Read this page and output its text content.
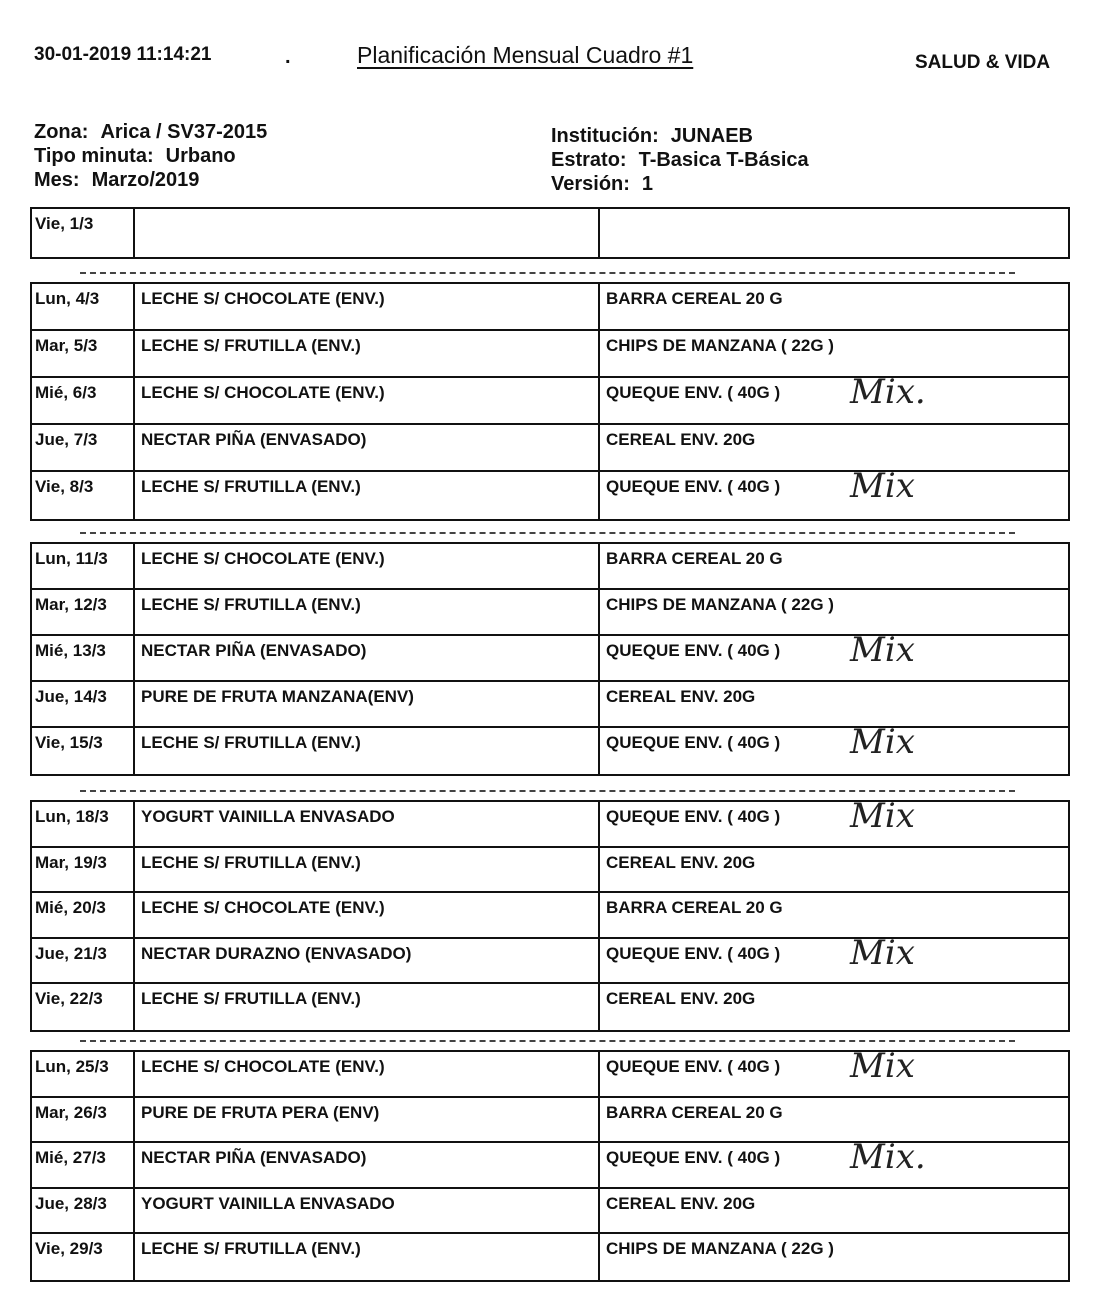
30-01-2019 11:14:21	.	Planificación Mensual Cuadro #1	SALUD & VIDA
Zona: Arica / SV37-2015
Tipo minuta: Urbano
Mes: Marzo/2019
Institución: JUNAEB
Estrato: T-Basica T-Básica
Versión: 1
Vie, 1/3
Lun, 4/3	LECHE S/ CHOCOLATE (ENV.)	BARRA CEREAL 20 G
Mar, 5/3	LECHE S/ FRUTILLA (ENV.)	CHIPS DE MANZANA ( 22G )
Mié, 6/3	LECHE S/ CHOCOLATE (ENV.)	QUEQUE ENV. ( 40G ) Mix.
Jue, 7/3	NECTAR PIÑA (ENVASADO)	CEREAL ENV. 20G
Vie, 8/3	LECHE S/ FRUTILLA (ENV.)	QUEQUE ENV. ( 40G ) Mix
Lun, 11/3	LECHE S/ CHOCOLATE (ENV.)	BARRA CEREAL 20 G
Mar, 12/3	LECHE S/ FRUTILLA (ENV.)	CHIPS DE MANZANA ( 22G )
Mié, 13/3	NECTAR PIÑA (ENVASADO)	QUEQUE ENV. ( 40G ) Mix
Jue, 14/3	PURE DE FRUTA MANZANA(ENV)	CEREAL ENV. 20G
Vie, 15/3	LECHE S/ FRUTILLA (ENV.)	QUEQUE ENV. ( 40G ) Mix
Lun, 18/3	YOGURT VAINILLA ENVASADO	QUEQUE ENV. ( 40G ) Mix
Mar, 19/3	LECHE S/ FRUTILLA (ENV.)	CEREAL ENV. 20G
Mié, 20/3	LECHE S/ CHOCOLATE (ENV.)	BARRA CEREAL 20 G
Jue, 21/3	NECTAR DURAZNO (ENVASADO)	QUEQUE ENV. ( 40G ) Mix
Vie, 22/3	LECHE S/ FRUTILLA (ENV.)	CEREAL ENV. 20G
Lun, 25/3	LECHE S/ CHOCOLATE (ENV.)	QUEQUE ENV. ( 40G ) Mix
Mar, 26/3	PURE DE FRUTA PERA (ENV)	BARRA CEREAL 20 G
Mié, 27/3	NECTAR PIÑA (ENVASADO)	QUEQUE ENV. ( 40G ) Mix.
Jue, 28/3	YOGURT VAINILLA ENVASADO	CEREAL ENV. 20G
Vie, 29/3	LECHE S/ FRUTILLA (ENV.)	CHIPS DE MANZANA ( 22G )
